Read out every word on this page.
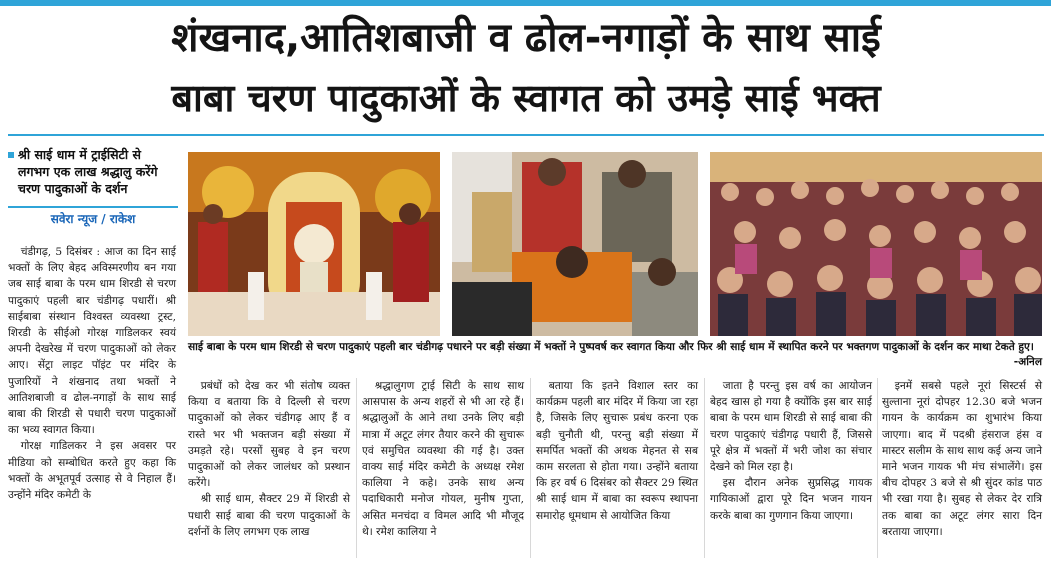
शंखनाद,आतिशबाजी व ढोल-नगाड़ों के साथ साई
बाबा चरण पादुकाओं के स्वागत को उमड़े साई भक्त
श्री साई धाम में ट्राईसिटी से लगभग एक लाख श्रद्धालु करेंगे चरण पादुकाओं के दर्शन
सवेरा न्यूज / राकेश
साई बाबा के परम धाम शिरडी से चरण पादुकाएं पहली बार चंडीगढ़ पधारने पर बड़ी संख्या में भक्तों ने पुष्पवर्ष कर स्वागत किया और फिर श्री साई धाम में स्थापित करने पर भक्तगण पादुकाओं के दर्शन कर माथा टेकते हुए।
-अनिल

चंडीगढ़, 5 दिसंबर : आज का दिन साई भक्तों के लिए बेहद अविस्मरणीय बन गया जब साई बाबा के परम धाम शिरडी से चरण पादुकाएं पहली बार चंडीगढ़ पधारीं। श्री साईबाबा संस्थान विश्वस्त व्यवस्था ट्रस्ट, शिरडी के सीईओ गोरक्ष गाडिलकर स्वयं अपनी देखरेख में चरण पादुकाओं को लेकर आए। सेंट्रा लाइट पॉइंट पर मंदिर के पुजारियों ने शंखनाद तथा भक्तों ने आतिशबाजी व ढोल-नगाड़ों के साथ साई बाबा की शिरडी से पधारी चरण पादुकाओं का भव्य स्वागत किया।

गोरक्ष गाडिलकर ने इस अवसर पर मीडिया को सम्बोधित करते हुए कहा कि भक्तों के अभूतपूर्व उत्साह से वे निहाल हैं। उन्होंने मंदिर कमेटी के

प्रबंधों को देख कर भी संतोष व्यक्त किया व बताया कि वे दिल्ली से चरण पादुकाओं को लेकर चंडीगढ़ आए हैं व रास्ते भर भी भक्तजन बड़ी संख्या में उमड़ते रहे। परसों सुबह वे इन चरण पादुकाओं को लेकर जालंधर को प्रस्थान करेंगे।

श्री साई धाम, सैक्टर 29 में शिरडी से पधारी साई बाबा की चरण पादुकाओं के दर्शनों के लिए लगभग एक लाख

श्रद्धालुगण ट्राई सिटी के साथ साथ आसपास के अन्य शहरों से भी आ रहे हैं। श्रद्धालुओं के आने तथा उनके लिए बड़ी मात्रा में अटूट लंगर तैयार करने की सुचारू एवं समुचित व्यवस्था की गई है। उक्त वाक्य साई मंदिर कमेटी के अध्यक्ष रमेश कालिया ने कहे। उनके साथ अन्य पदाधिकारी मनोज गोयल, मुनीष गुप्ता, असित मनचंदा व विमल आदि भी मौजूद थे। रमेश कालिया ने

बताया कि इतने विशाल स्तर का कार्यक्रम पहली बार मंदिर में किया जा रहा है, जिसके लिए सुचारू प्रबंध करना एक बड़ी चुनौती थी, परन्तु बड़ी संख्या में समर्पित भक्तों की अथक मेहनत से सब काम सरलता से होता गया। उन्होंने बताया कि हर वर्ष 6 दिसंबर को सैक्टर 29 स्थित श्री साई धाम में बाबा का स्वरूप स्थापना समारोह धूमधाम से आयोजित किया

जाता है परन्तु इस वर्ष का आयोजन बेहद खास हो गया है क्योंकि इस बार साई बाबा के परम धाम शिरडी से साई बाबा की चरण पादुकाएं चंडीगढ़ पधारी हैं, जिससे पूरे क्षेत्र में भक्तों में भरी जोश का संचार देखने को मिल रहा है।

इस दौरान अनेक सुप्रसिद्ध गायक गायिकाओं द्वारा पूरे दिन भजन गायन करके बाबा का गुणगान किया जाएगा।

इनमें सबसे पहले नूरां सिस्टर्स से सुल्ताना नूरां दोपहर 12.30 बजे भजन गायन के कार्यक्रम का शुभारंभ किया जाएगा। बाद में पदश्री हंसराज हंस व मास्टर सलीम के साथ साथ कई अन्य जाने माने भजन गायक भी मंच संभालेंगे। इस बीच दोपहर 3 बजे से श्री सुंदर कांड पाठ भी रखा गया है। सुबह से लेकर देर रात्रि तक बाबा का अटूट लंगर सारा दिन बरताया जाएगा।
